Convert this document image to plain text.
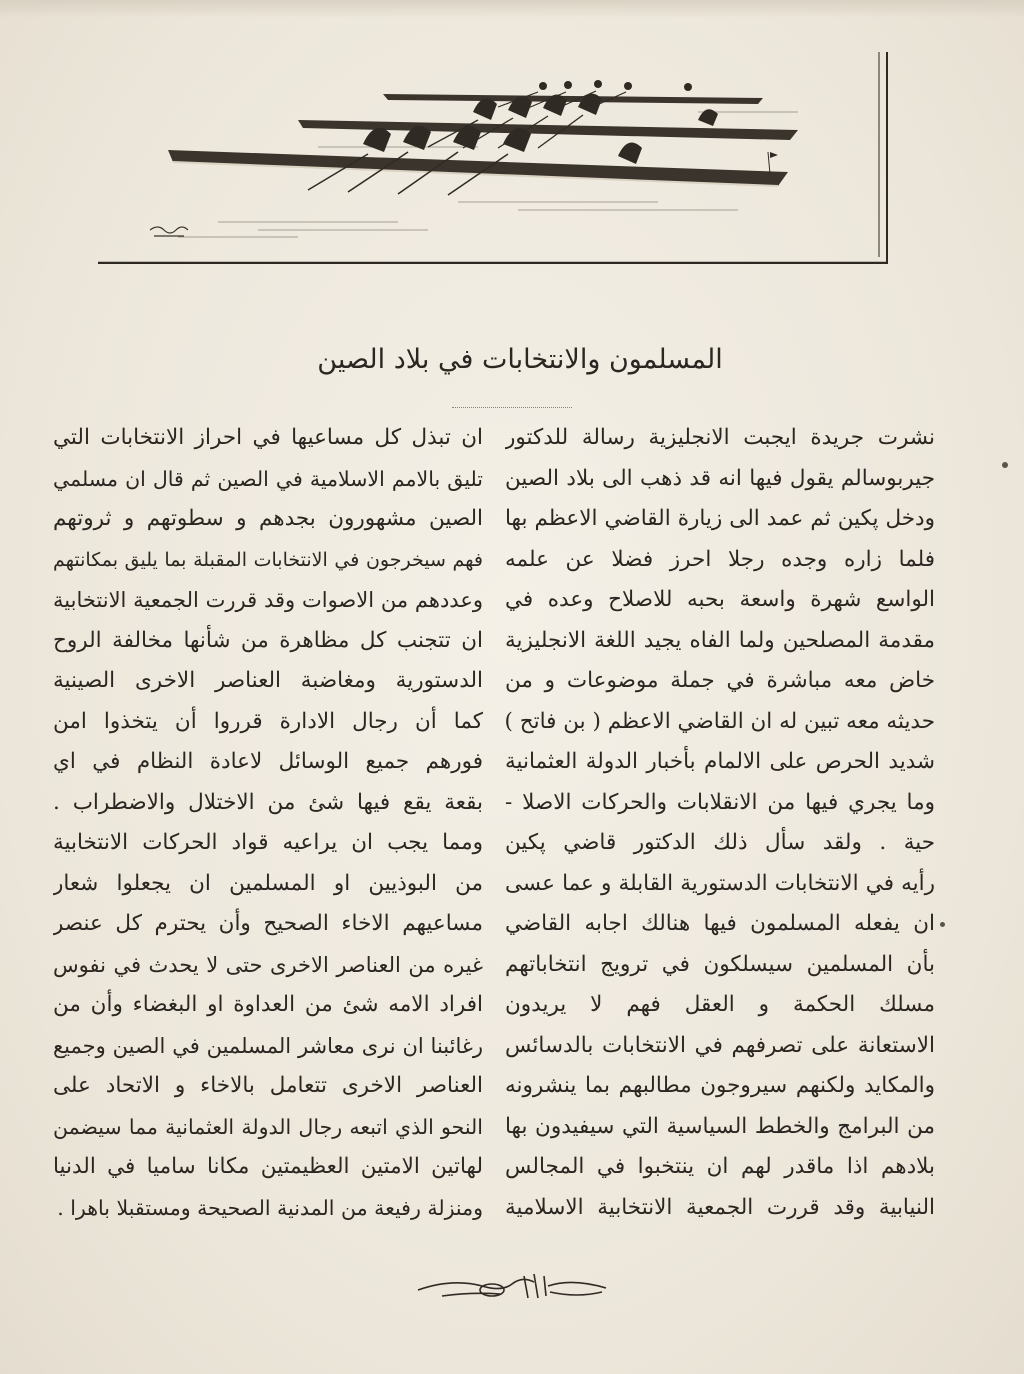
المسلمون والانتخابات في بلاد الصين
نشرت جريدة ايجبت الانجليزية رسالة للدكتور
جيربوسالم يقول فيها انه قد ذهب الى بلاد الصين
ودخل پكين ثم عمد الى زيارة القاضي الاعظم بها
فلما زاره وجده رجلا احرز فضلا عن علمه
الواسع شهرة واسعة بحبه للاصلاح وعده في
مقدمة المصلحين ولما الفاه يجيد اللغة الانجليزية
خاض معه مباشرة في جملة موضوعات و من
حديثه معه تبين له ان القاضي الاعظم ( بن فاتح )
شديد الحرص على الالمام بأخبار الدولة العثمانية
وما يجري فيها من الانقلابات والحركات الاصلا -
حية . ولقد سأل ذلك الدكتور قاضي پكين
رأيه في الانتخابات الدستورية القابلة و عما عسى
ان يفعله المسلمون فيها هنالك اجابه القاضي
بأن المسلمين سيسلكون في ترويج انتخاباتهم
مسلك الحكمة و العقل فهم لا يريدون
الاستعانة على تصرفهم في الانتخابات بالدسائس
والمكايد ولكنهم سيروجون مطالبهم بما ينشرونه
من البرامج والخطط السياسية التي سيفيدون بها
بلادهم اذا ماقدر لهم ان ينتخبوا في المجالس
النيابية وقد قررت الجمعية الانتخابية الاسلامية
ان تبذل كل مساعيها في احراز الانتخابات التي
تليق بالامم الاسلامية في الصين ثم قال ان مسلمي
الصين مشهورون بجدهم و سطوتهم و ثروتهم
فهم سيخرجون في الانتخابات المقبلة بما يليق بمكانتهم
وعددهم من الاصوات وقد قررت الجمعية الانتخابية
ان تتجنب كل مظاهرة من شأنها مخالفة الروح
الدستورية ومغاضبة العناصر الاخرى الصينية
كما أن رجال الادارة قرروا أن يتخذوا امن
فورهم جميع الوسائل لاعادة النظام في اي
بقعة يقع فيها شئ من الاختلال والاضطراب .
ومما يجب ان يراعيه قواد الحركات الانتخابية
من البوذيين او المسلمين ان يجعلوا شعار
مساعيهم الاخاء الصحيح وأن يحترم كل عنصر
غيره من العناصر الاخرى حتى لا يحدث في نفوس
افراد الامه شئ من العداوة او البغضاء وأن من
رغائبنا ان نرى معاشر المسلمين في الصين وجميع
العناصر الاخرى تتعامل بالاخاء و الاتحاد على
النحو الذي اتبعه رجال الدولة العثمانية مما سيضمن
لهاتين الامتين العظيمتين مكانا ساميا في الدنيا
ومنزلة رفيعة من المدنية الصحيحة ومستقبلا باهرا .
